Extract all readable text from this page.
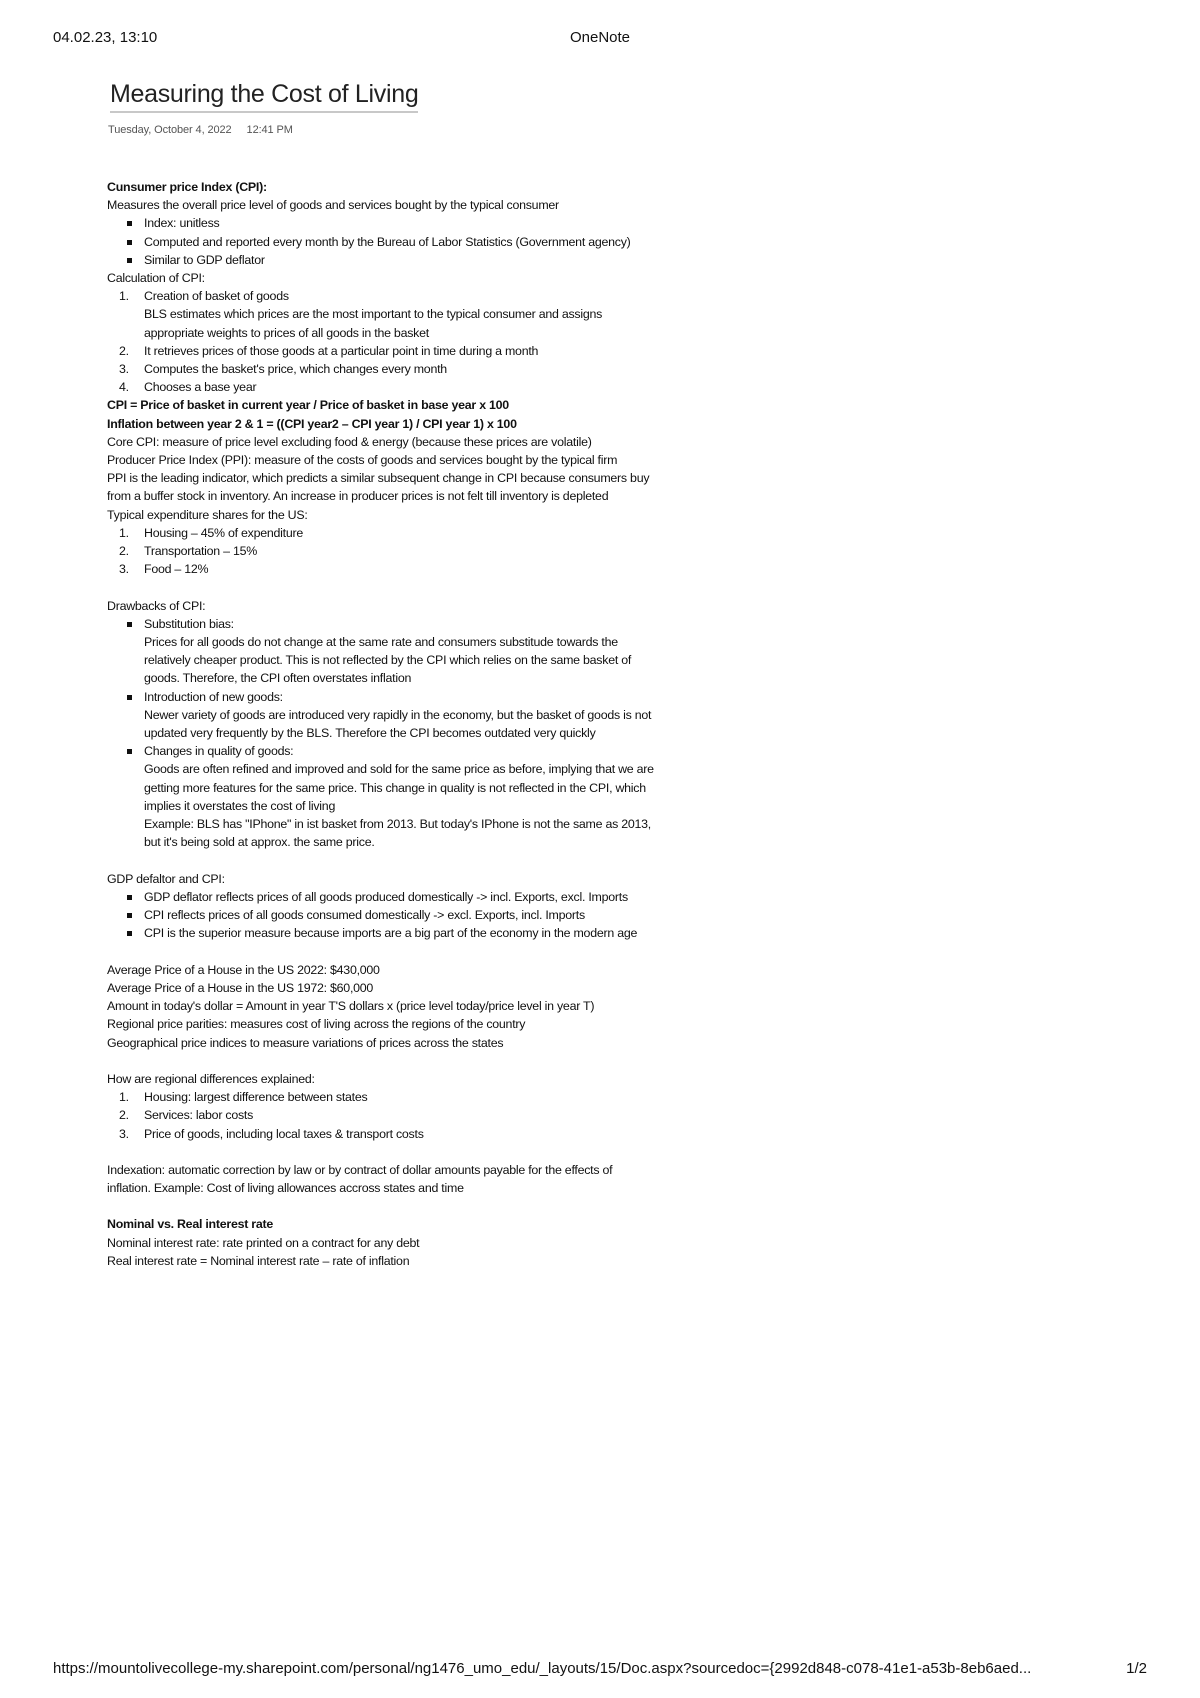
04.02.23, 13:10	OneNote
Measuring the Cost of Living
Tuesday, October 4, 2022 12:41 PM
Cunsumer price Index (CPI):
Measures the overall price level of goods and services bought by the typical consumer
Index: unitless
Computed and reported every month by the Bureau of Labor Statistics (Government agency)
Similar to GDP deflator
Calculation of CPI:
1. Creation of basket of goods
BLS estimates which prices are the most important to the typical consumer and assigns
appropriate weights to prices of all goods in the basket
2. It retrieves prices of those goods at a particular point in time during a month
3. Computes the basket's price, which changes every month
4. Chooses a base year
CPI = Price of basket in current year / Price of basket in base year x 100
Inflation between year 2 & 1 = ((CPI year2 – CPI year 1) / CPI year 1) x 100
Core CPI: measure of price level excluding food & energy (because these prices are volatile)
Producer Price Index (PPI): measure of the costs of goods and services bought by the typical firm
PPI is the leading indicator, which predicts a similar subsequent change in CPI because consumers buy
from a buffer stock in inventory. An increase in producer prices is not felt till inventory is depleted
Typical expenditure shares for the US:
1. Housing – 45% of expenditure
2. Transportation – 15%
3. Food – 12%
Drawbacks of CPI:
Substitution bias:
Prices for all goods do not change at the same rate and consumers substitude towards the
relatively cheaper product. This is not reflected by the CPI which relies on the same basket of
goods. Therefore, the CPI often overstates inflation
Introduction of new goods:
Newer variety of goods are introduced very rapidly in the economy, but the basket of goods is not
updated very frequently by the BLS. Therefore the CPI becomes outdated very quickly
Changes in quality of goods:
Goods are often refined and improved and sold for the same price as before, implying that we are
getting more features for the same price. This change in quality is not reflected in the CPI, which
implies it overstates the cost of living
Example: BLS has "IPhone" in ist basket from 2013. But today's IPhone is not the same as 2013,
but it's being sold at approx. the same price.
GDP defaltor and CPI:
GDP deflator reflects prices of all goods produced domestically -> incl. Exports, excl. Imports
CPI reflects prices of all goods consumed domestically -> excl. Exports, incl. Imports
CPI is the superior measure because imports are a big part of the economy in the modern age
Average Price of a House in the US 2022: $430,000
Average Price of a House in the US 1972: $60,000
Amount in today's dollar = Amount in year T'S dollars x (price level today/price level in year T)
Regional price parities: measures cost of living across the regions of the country
Geographical price indices to measure variations of prices across the states
How are regional differences explained:
1. Housing: largest difference between states
2. Services: labor costs
3. Price of goods, including local taxes & transport costs
Indexation: automatic correction by law or by contract of dollar amounts payable for the effects of
inflation. Example: Cost of living allowances accross states and time
Nominal vs. Real interest rate
Nominal interest rate: rate printed on a contract for any debt
Real interest rate = Nominal interest rate – rate of inflation
https://mountolivecollege-my.sharepoint.com/personal/ng1476_umo_edu/_layouts/15/Doc.aspx?sourcedoc={2992d848-c078-41e1-a53b-8eb6aed...	1/2
